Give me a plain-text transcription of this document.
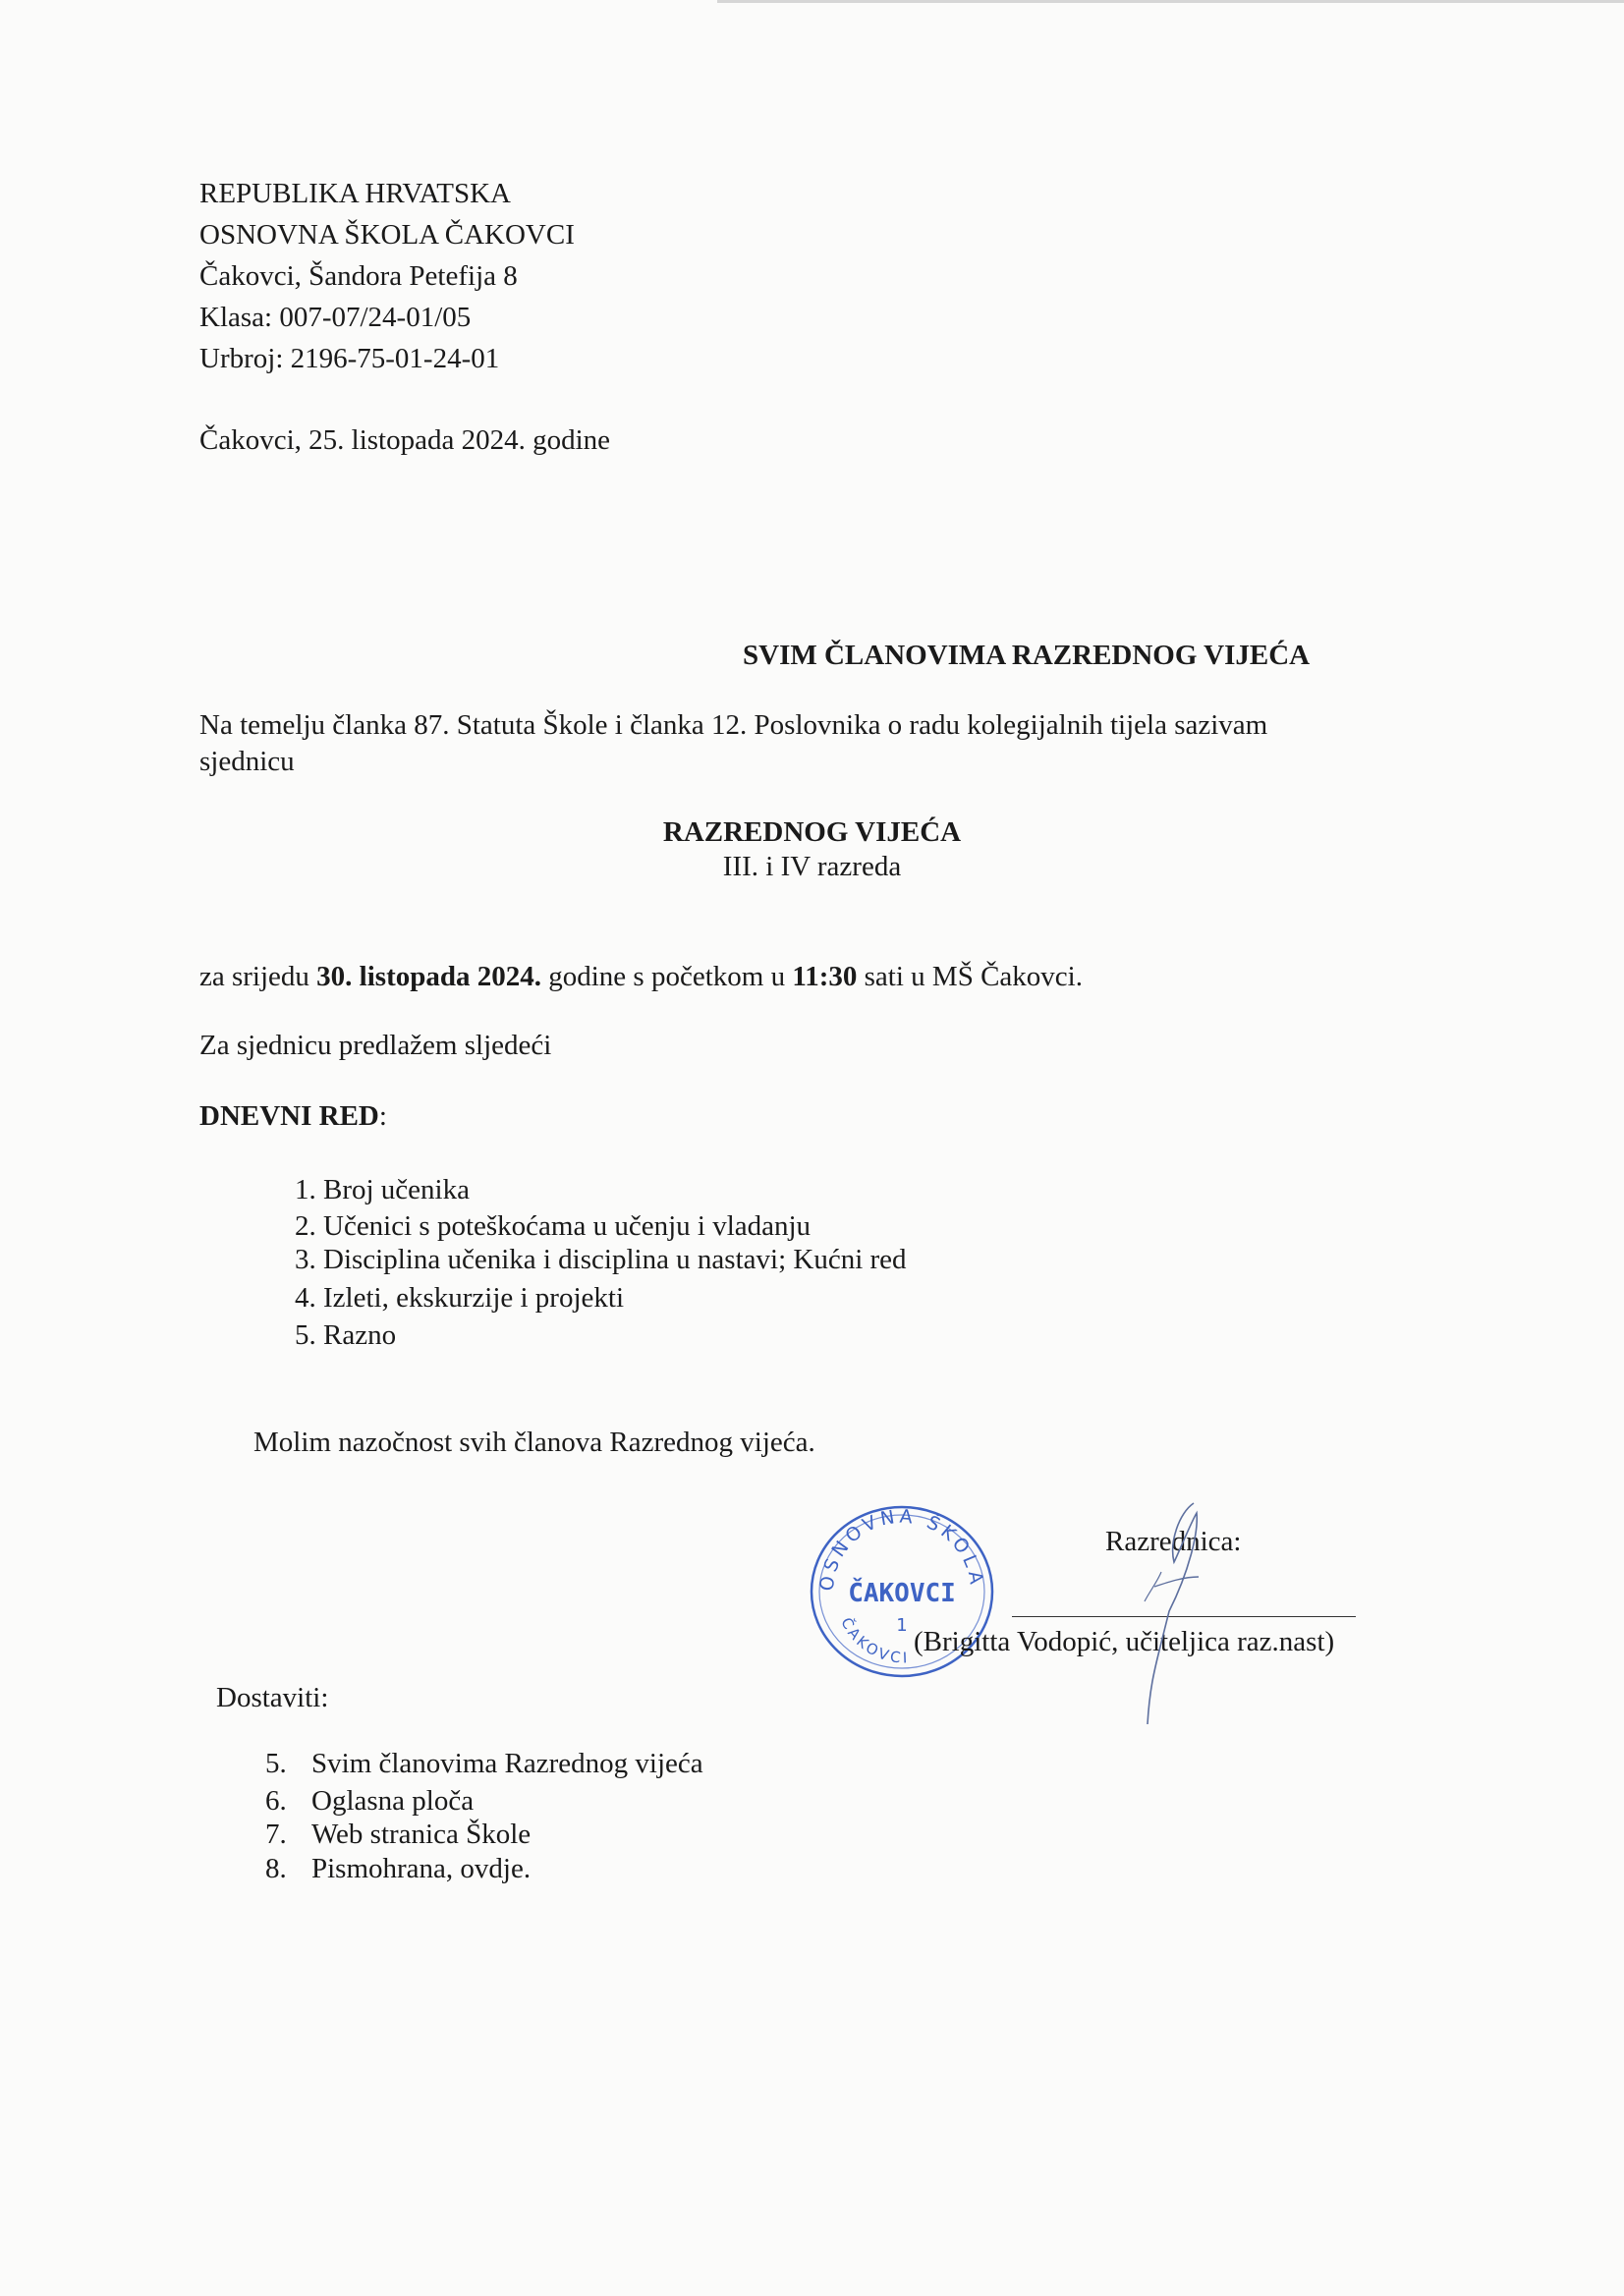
REPUBLIKA HRVATSKA
OSNOVNA ŠKOLA ČAKOVCI
Čakovci, Šandora Petefija 8
Klasa: 007-07/24-01/05
Urbroj: 2196-75-01-24-01
Čakovci, 25. listopada 2024. godine
SVIM ČLANOVIMA RAZREDNOG VIJEĆA
Na temelju članka 87. Statuta Škole i članka 12. Poslovnika o radu kolegijalnih tijela sazivam
sjednicu
RAZREDNOG VIJEĆA
III. i IV razreda
za srijedu 30. listopada 2024. godine s početkom u 11:30 sati u MŠ Čakovci.
Za sjednicu predlažem sljedeći
DNEVNI RED:
1. Broj učenika
2. Učenici s poteškoćama u učenju i vladanju
3. Disciplina učenika i disciplina u nastavi; Kućni red
4. Izleti, ekskurzije i projekti
5. Razno
Molim nazočnost svih članova Razrednog vijeća.
OSNOVNA ŠKOLA
ČAKOVCI
1
ČAKOVCI
Razrednica:
(Brigitta Vodopić, učiteljica raz.nast)
Dostaviti:
5. Svim članovima Razrednog vijeća
6. Oglasna ploča
7. Web stranica Škole
8. Pismohrana, ovdje.
